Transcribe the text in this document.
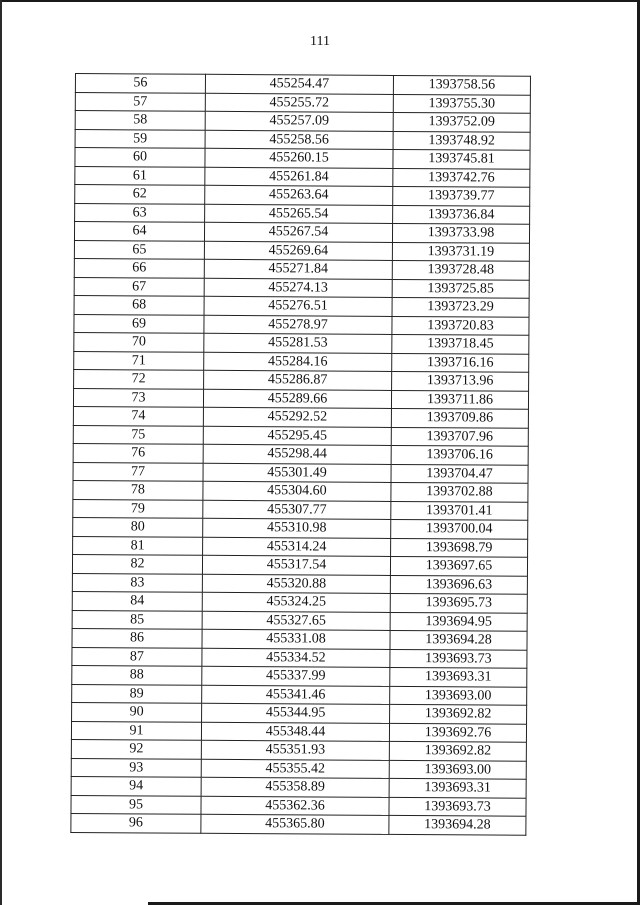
111
56	455254.47	1393758.56
57	455255.72	1393755.30
58	455257.09	1393752.09
59	455258.56	1393748.92
60	455260.15	1393745.81
61	455261.84	1393742.76
62	455263.64	1393739.77
63	455265.54	1393736.84
64	455267.54	1393733.98
65	455269.64	1393731.19
66	455271.84	1393728.48
67	455274.13	1393725.85
68	455276.51	1393723.29
69	455278.97	1393720.83
70	455281.53	1393718.45
71	455284.16	1393716.16
72	455286.87	1393713.96
73	455289.66	1393711.86
74	455292.52	1393709.86
75	455295.45	1393707.96
76	455298.44	1393706.16
77	455301.49	1393704.47
78	455304.60	1393702.88
79	455307.77	1393701.41
80	455310.98	1393700.04
81	455314.24	1393698.79
82	455317.54	1393697.65
83	455320.88	1393696.63
84	455324.25	1393695.73
85	455327.65	1393694.95
86	455331.08	1393694.28
87	455334.52	1393693.73
88	455337.99	1393693.31
89	455341.46	1393693.00
90	455344.95	1393692.82
91	455348.44	1393692.76
92	455351.93	1393692.82
93	455355.42	1393693.00
94	455358.89	1393693.31
95	455362.36	1393693.73
96	455365.80	1393694.28
